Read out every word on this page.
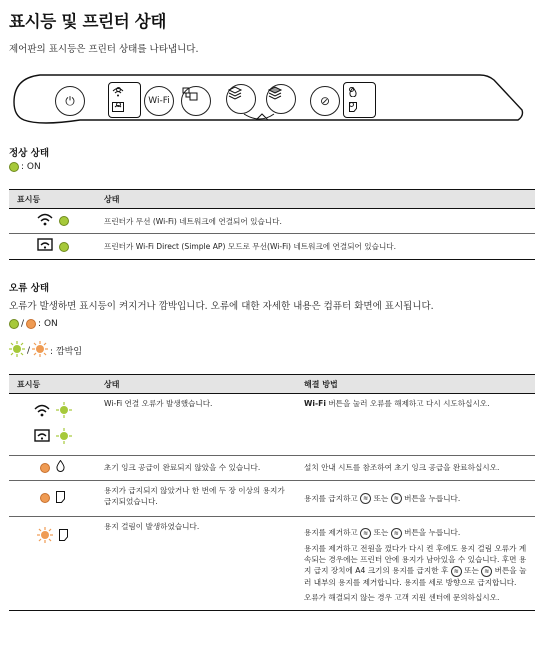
표시등 및 프린터 상태
제어판의 표시등은 프린터 상태를 나타냅니다.
⏻	Wi-Fi	⊘
정상 상태
: ON
표시등	상태

	프린터가 무선 (Wi-Fi) 네트워크에 연결되어 있습니다.

	프린터가 Wi-Fi Direct (Simple AP) 모드로 무선(Wi-Fi) 네트워크에 연결되어 있습니다.
오류 상태
오류가 발생하면 표시등이 켜지거나 깜박입니다. 오류에 대한 자세한 내용은 컴퓨터 화면에 표시됩니다.
/ : ON
/ : 깜박임
표시등	상태	해결 방법

	Wi-Fi 연결 오류가 발생했습니다.	Wi-Fi 버튼을 눌러 오류를 해제하고 다시 시도하십시오.

	초기 잉크 공급이 완료되지 않았을 수 있습니다.	설치 안내 시트를 참조하여 초기 잉크 공급을 완료하십시오.

	용지가 급지되지 않았거나 한 번에 두 장 이상의 용지가 급지되었습니다.	용지를 급지하고 ≋ 또는 ≋ 버튼을 누릅니다.

	용지 걸림이 발생하였습니다.	용지를 제거하고 ≋ 또는 ≋ 버튼을 누릅니다.
용지를 제거하고 전원을 껐다가 다시 켠 후에도 용지 걸림 오류가 계속되는 경우에는 프린터 안에 용지가 남아있을 수 있습니다. 후면 용지 급지 장치에 A4 크기의 용지를 급지한 후 ≋ 또는 ≋ 버튼을 눌러 내부의 용지를 제거합니다. 용지를 세로 방향으로 급지합니다.
오류가 해결되지 않는 경우 고객 지원 센터에 문의하십시오.
